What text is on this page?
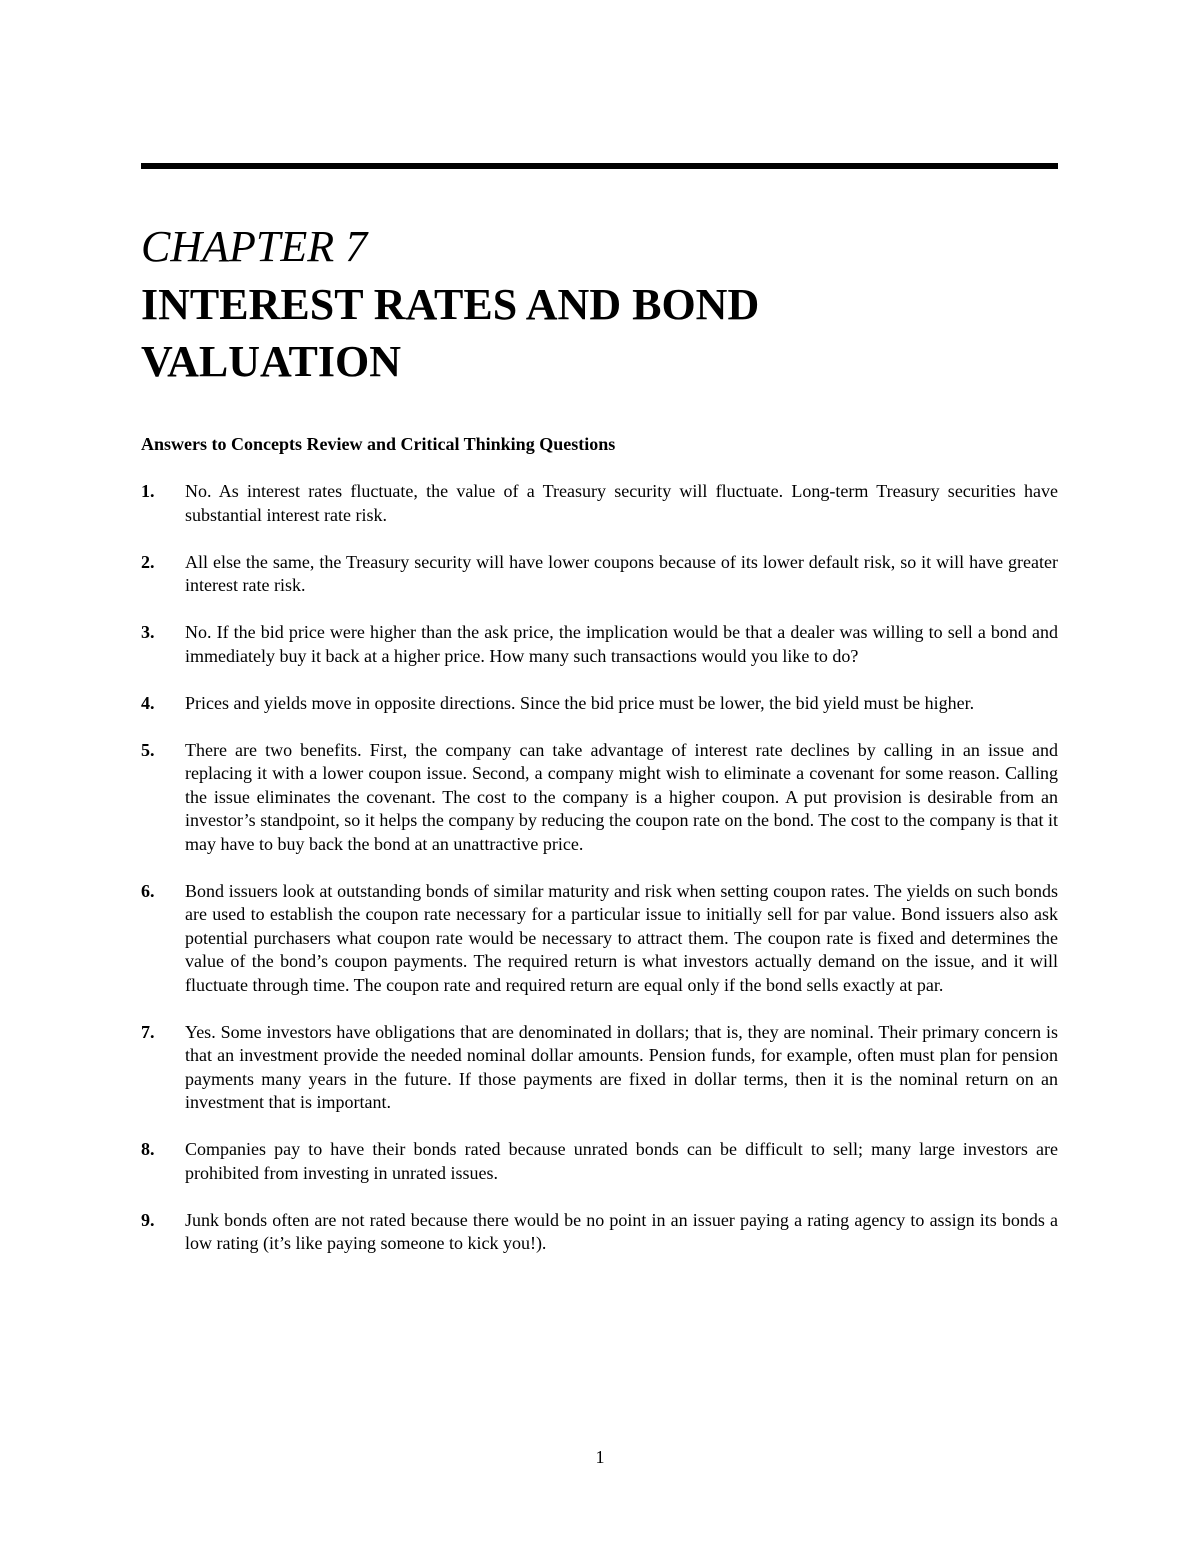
CHAPTER 7
INTEREST RATES AND BOND VALUATION
Answers to Concepts Review and Critical Thinking Questions
1.	No. As interest rates fluctuate, the value of a Treasury security will fluctuate. Long-term Treasury securities have substantial interest rate risk.
2.	All else the same, the Treasury security will have lower coupons because of its lower default risk, so it will have greater interest rate risk.
3.	No. If the bid price were higher than the ask price, the implication would be that a dealer was willing to sell a bond and immediately buy it back at a higher price. How many such transactions would you like to do?
4.	Prices and yields move in opposite directions. Since the bid price must be lower, the bid yield must be higher.
5.	There are two benefits. First, the company can take advantage of interest rate declines by calling in an issue and replacing it with a lower coupon issue. Second, a company might wish to eliminate a covenant for some reason. Calling the issue eliminates the covenant. The cost to the company is a higher coupon. A put provision is desirable from an investor’s standpoint, so it helps the company by reducing the coupon rate on the bond. The cost to the company is that it may have to buy back the bond at an unattractive price.
6.	Bond issuers look at outstanding bonds of similar maturity and risk when setting coupon rates. The yields on such bonds are used to establish the coupon rate necessary for a particular issue to initially sell for par value. Bond issuers also ask potential purchasers what coupon rate would be necessary to attract them. The coupon rate is fixed and determines the value of the bond’s coupon payments. The required return is what investors actually demand on the issue, and it will fluctuate through time. The coupon rate and required return are equal only if the bond sells exactly at par.
7.	Yes. Some investors have obligations that are denominated in dollars; that is, they are nominal. Their primary concern is that an investment provide the needed nominal dollar amounts. Pension funds, for example, often must plan for pension payments many years in the future. If those payments are fixed in dollar terms, then it is the nominal return on an investment that is important.
8.	Companies pay to have their bonds rated because unrated bonds can be difficult to sell; many large investors are prohibited from investing in unrated issues.
9.	Junk bonds often are not rated because there would be no point in an issuer paying a rating agency to assign its bonds a low rating (it’s like paying someone to kick you!).
1
